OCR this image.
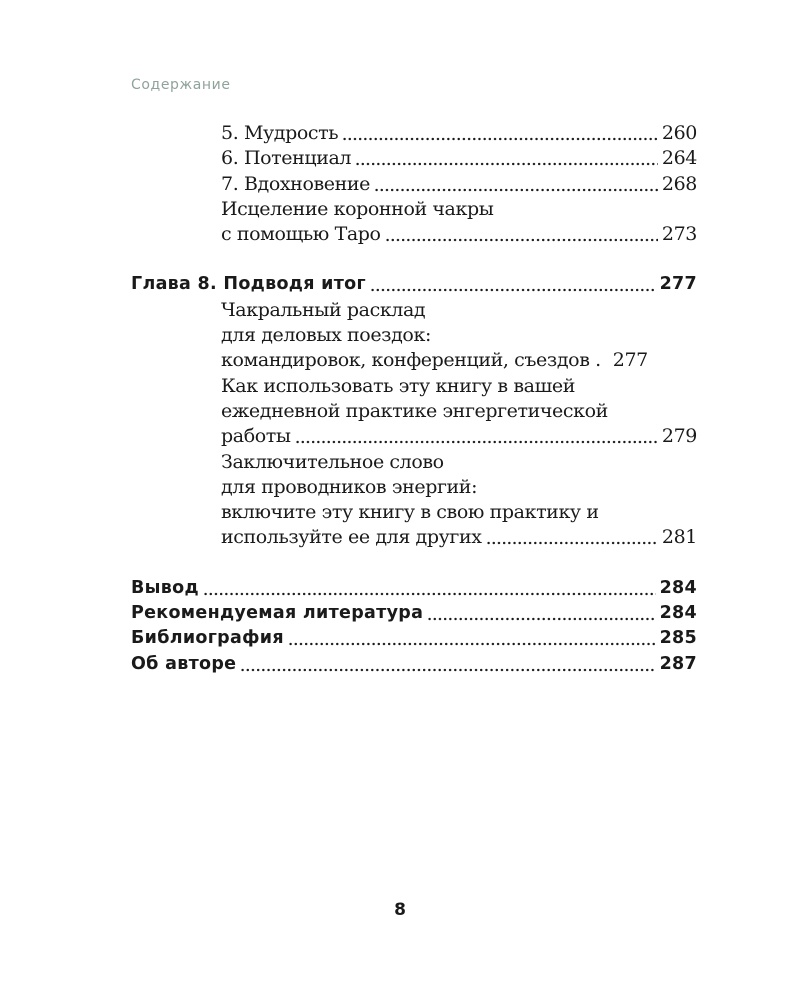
Содержание
5. Мудрость	260
6. Потенциал	264
7. Вдохновение	268
Исцеление коронной чакры
с помощью Таро	273
Глава 8. Подводя итог	277
Чакральный расклад
для деловых поездок:
командировок, конференций, съездов . 277
Как использовать эту книгу в вашей
ежедневной практике энгергетической
работы	279
Заключительное слово
для проводников энергий:
включите эту книгу в свою практику и
используйте ее для других	281
Вывод	284
Рекомендуемая литература	284
Библиография	285
Об авторе	287
8
